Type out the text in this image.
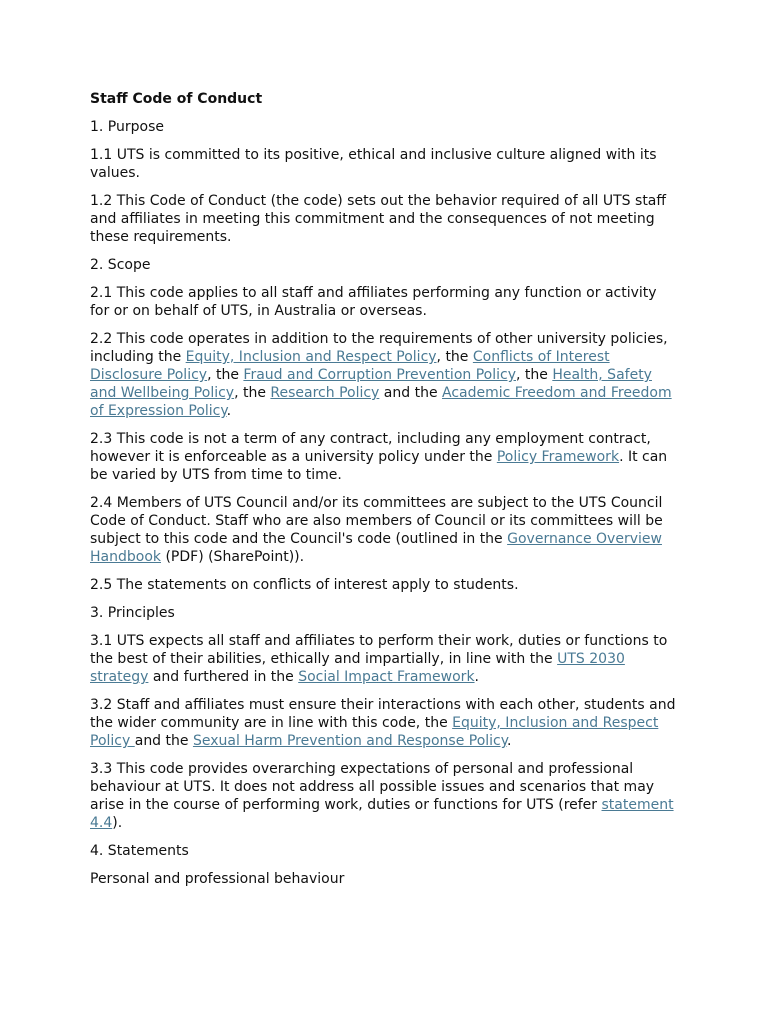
Staff Code of Conduct

1. Purpose

1.1 UTS is committed to its positive, ethical and inclusive culture aligned with its values.

1.2 This Code of Conduct (the code) sets out the behavior required of all UTS staff and affiliates in meeting this commitment and the consequences of not meeting these requirements.

2. Scope

2.1 This code applies to all staff and affiliates performing any function or activity for or on behalf of UTS, in Australia or overseas.

2.2 This code operates in addition to the requirements of other university policies, including the Equity, Inclusion and Respect Policy, the Conflicts of Interest Disclosure Policy, the Fraud and Corruption Prevention Policy, the Health, Safety and Wellbeing Policy, the Research Policy and the Academic Freedom and Freedom of Expression Policy.

2.3 This code is not a term of any contract, including any employment contract, however it is enforceable as a university policy under the Policy Framework. It can be varied by UTS from time to time.

2.4 Members of UTS Council and/or its committees are subject to the UTS Council Code of Conduct. Staff who are also members of Council or its committees will be subject to this code and the Council's code (outlined in the Governance Overview Handbook (PDF) (SharePoint)).

2.5 The statements on conflicts of interest apply to students.

3. Principles

3.1 UTS expects all staff and affiliates to perform their work, duties or functions to the best of their abilities, ethically and impartially, in line with the UTS 2030 strategy and furthered in the Social Impact Framework.

3.2 Staff and affiliates must ensure their interactions with each other, students and the wider community are in line with this code, the Equity, Inclusion and Respect Policy and the Sexual Harm Prevention and Response Policy.

3.3 This code provides overarching expectations of personal and professional behaviour at UTS. It does not address all possible issues and scenarios that may arise in the course of performing work, duties or functions for UTS (refer statement 4.4).

4. Statements

Personal and professional behaviour
